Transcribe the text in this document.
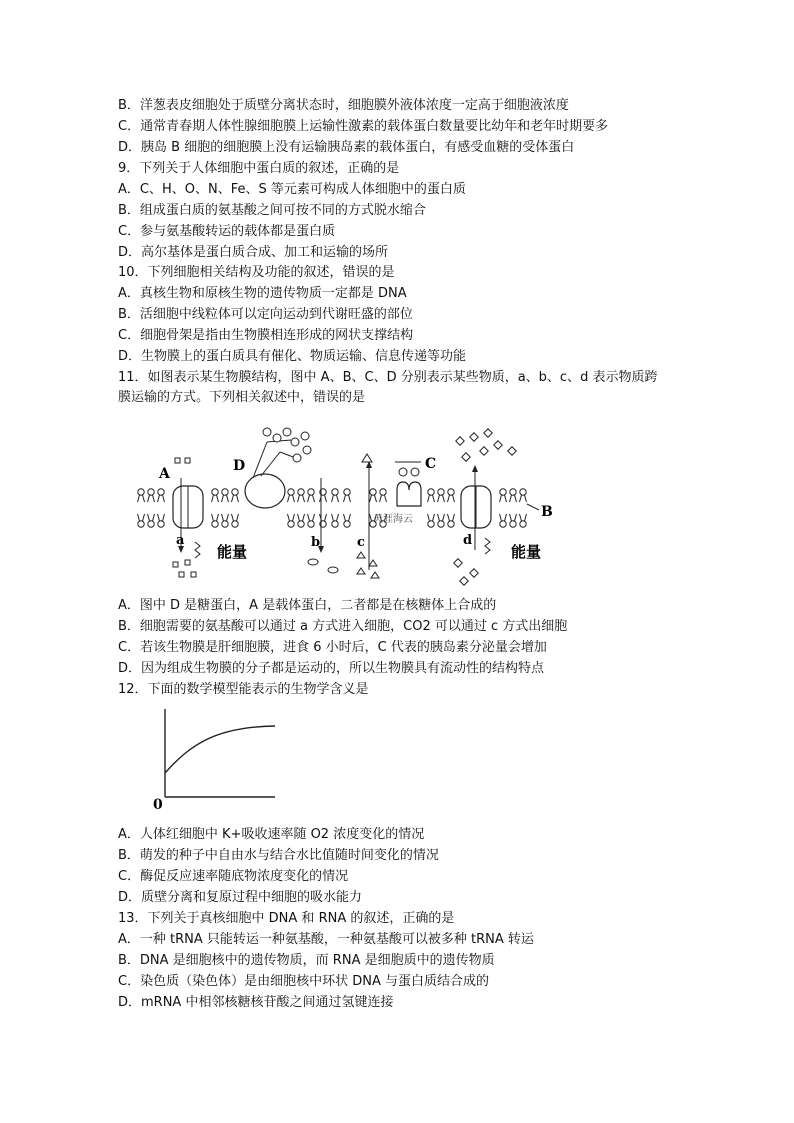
B．洋葱表皮细胞处于质壁分离状态时，细胞膜外液体浓度一定高于细胞液浓度
C．通常青春期人体性腺细胞膜上运输性激素的载体蛋白数量要比幼年和老年时期要多
D．胰岛 B 细胞的细胞膜上没有运输胰岛素的载体蛋白，有感受血糖的受体蛋白
9．下列关于人体细胞中蛋白质的叙述，正确的是
A．C、H、O、N、Fe、S 等元素可构成人体细胞中的蛋白质
B．组成蛋白质的氨基酸之间可按不同的方式脱水缩合
C．参与氨基酸转运的载体都是蛋白质
D．高尔基体是蛋白质合成、加工和运输的场所
10．下列细胞相关结构及功能的叙述，错误的是
A．真核生物和原核生物的遗传物质一定都是 DNA
B．活细胞中线粒体可以定向运动到代谢旺盛的部位
C．细胞骨架是指由生物膜相连形成的网状支撑结构
D．生物膜上的蛋白质具有催化、物质运输、信息传递等功能
11．如图表示某生物膜结构，图中 A、B、C、D 分别表示某些物质，a、b、c、d 表示物质跨
膜运输的方式。下列相关叙述中，错误的是
A
a
能量
D
b	c
C
天涯海云
d
能量
B
A．图中 D 是糖蛋白，A 是载体蛋白，二者都是在核糖体上合成的
B．细胞需要的氨基酸可以通过 a 方式进入细胞，CO2 可以通过 c 方式出细胞
C．若该生物膜是肝细胞膜，进食 6 小时后，C 代表的胰岛素分泌量会增加
D．因为组成生物膜的分子都是运动的，所以生物膜具有流动性的结构特点
12．下面的数学模型能表示的生物学含义是
0
A．人体红细胞中 K+吸收速率随 O2 浓度变化的情况
B．萌发的种子中自由水与结合水比值随时间变化的情况
C．酶促反应速率随底物浓度变化的情况
D．质壁分离和复原过程中细胞的吸水能力
13．下列关于真核细胞中 DNA 和 RNA 的叙述，正确的是
A．一种 tRNA 只能转运一种氨基酸，一种氨基酸可以被多种 tRNA 转运
B．DNA 是细胞核中的遗传物质，而 RNA 是细胞质中的遗传物质
C．染色质（染色体）是由细胞核中环状 DNA 与蛋白质结合成的
D．mRNA 中相邻核糖核苷酸之间通过氢键连接
